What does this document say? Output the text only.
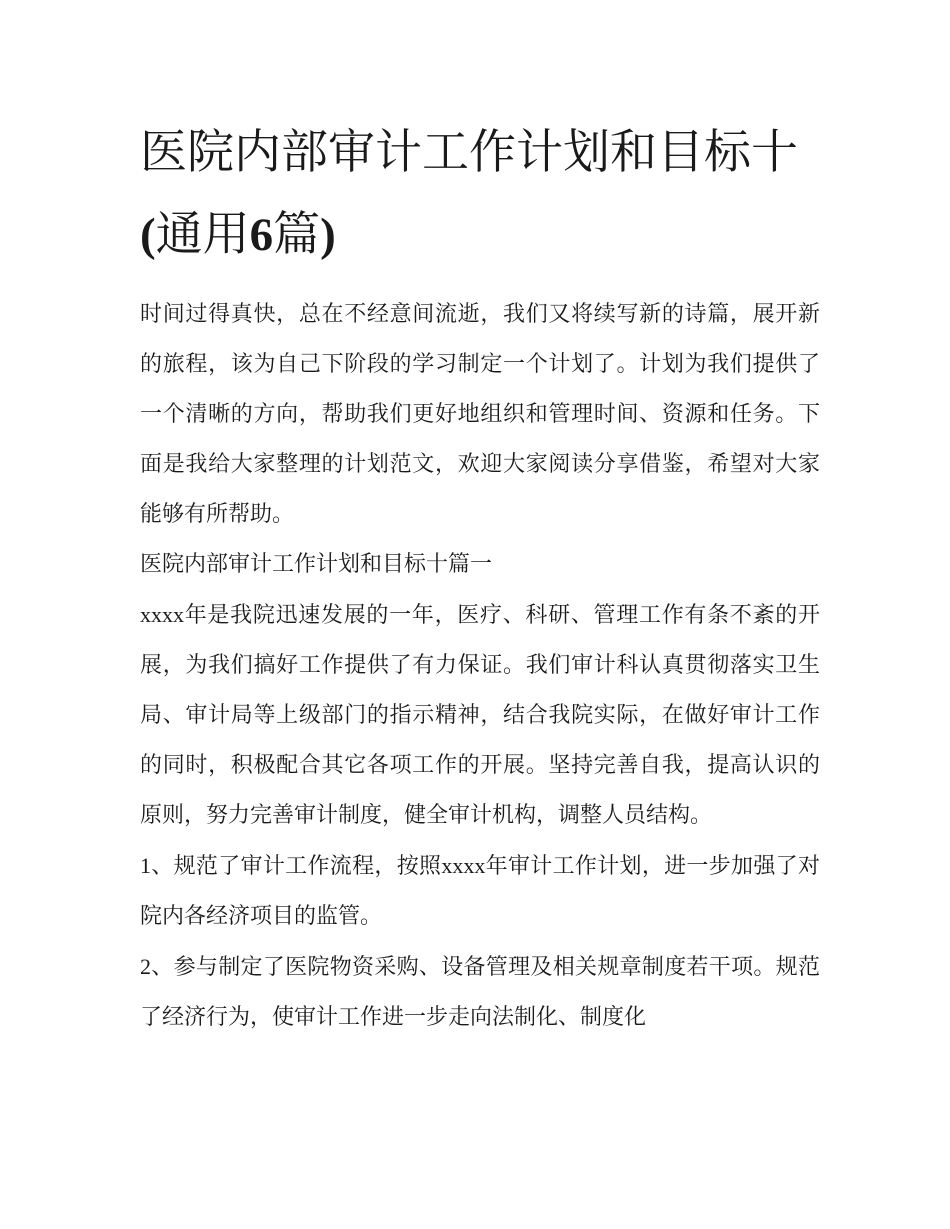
医院内部审计工作计划和目标十(通用6篇)

时间过得真快，总在不经意间流逝，我们又将续写新的诗篇，展开新的旅程，该为自己下阶段的学习制定一个计划了。计划为我们提供了一个清晰的方向，帮助我们更好地组织和管理时间、资源和任务。下面是我给大家整理的计划范文，欢迎大家阅读分享借鉴，希望对大家能够有所帮助。

医院内部审计工作计划和目标十篇一

xxxx年是我院迅速发展的一年，医疗、科研、管理工作有条不紊的开展，为我们搞好工作提供了有力保证。我们审计科认真贯彻落实卫生局、审计局等上级部门的指示精神，结合我院实际，在做好审计工作的同时，积极配合其它各项工作的开展。坚持完善自我，提高认识的原则，努力完善审计制度，健全审计机构，调整人员结构。

1、规范了审计工作流程，按照xxxx年审计工作计划，进一步加强了对院内各经济项目的监管。

2、参与制定了医院物资采购、设备管理及相关规章制度若干项。规范了经济行为，使审计工作进一步走向法制化、制度化
